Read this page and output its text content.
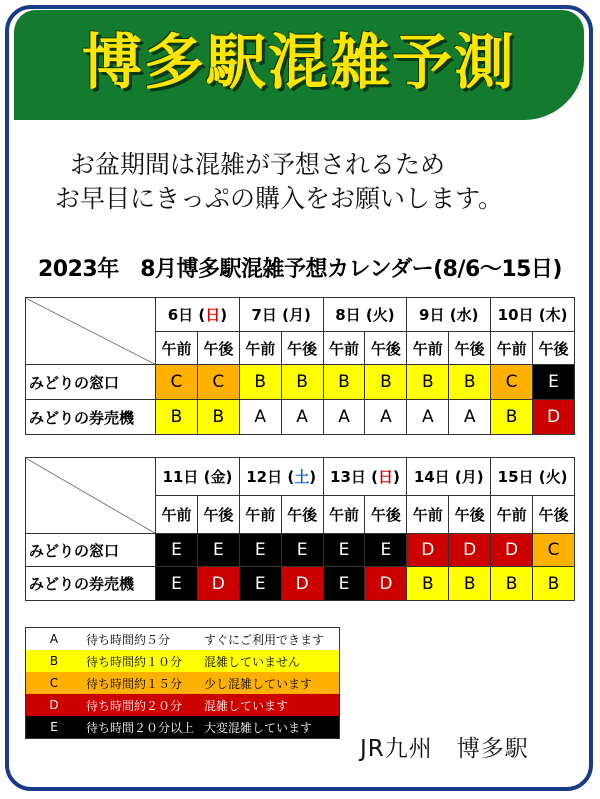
博多駅混雑予測
お盆期間は混雑が予想されるため
お早目にきっぷの購入をお願いします。
2023年　8月博多駅混雑予想カレンダー(8/6～15日)
	6日 (日)		7日 (月)		8日 (火)		9日 (水)		10日 (木)	
	午前	午後	午前	午後	午前	午後	午前	午後	午前	午後
みどりの窓口	C	C	B	B	B	B	B	B	C	E
みどりの券売機	B	B	A	A	A	A	A	A	B	D
	11日 (金)		12日 (土)		13日 (日)		14日 (月)		15日 (火)	
	午前	午後	午前	午後	午前	午後	午前	午後	午前	午後
みどりの窓口	E	E	E	E	E	E	D	D	D	C
みどりの券売機	E	D	E	D	E	D	B	B	B	B
A	待ち時間約５分	すぐにご利用できます
B	待ち時間約１０分	混雑していません
C	待ち時間約１５分	少し混雑しています
D	待ち時間約２０分	混雑しています
E	待ち時間２０分以上	大変混雑しています
JR九州　博多駅
